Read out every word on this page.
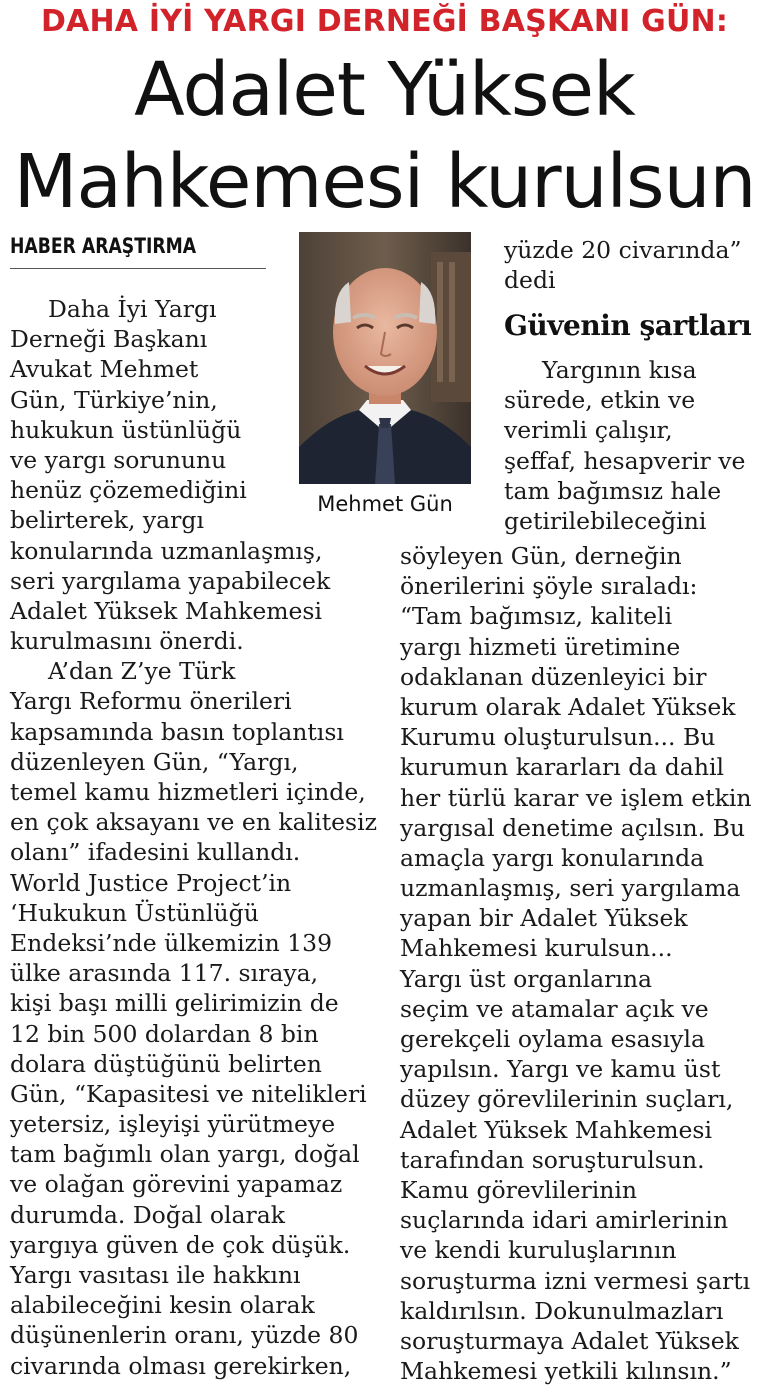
DAHA İYİ YARGI DERNEĞİ BAŞKANI GÜN:
Adalet Yüksek
Mahkemesi kurulsun
HABER ARAŞTIRMA
Mehmet Gün
Daha İyi Yargı
Derneği Başkanı
Avukat Mehmet
Gün, Türkiye’nin,
hukukun üstünlüğü
ve yargı sorununu
henüz çözemediğini
belirterek, yargı
konularında uzmanlaşmış,
seri yargılama yapabilecek
Adalet Yüksek Mahkemesi
kurulmasını önerdi.
A’dan Z’ye Türk
Yargı Reformu önerileri
kapsamında basın toplantısı
düzenleyen Gün, “Yargı,
temel kamu hizmetleri içinde,
en çok aksayanı ve en kalitesiz
olanı” ifadesini kullandı.
World Justice Project’in
‘Hukukun Üstünlüğü
Endeksi’nde ülkemizin 139
ülke arasında 117. sıraya,
kişi başı milli gelirimizin de
12 bin 500 dolardan 8 bin
dolara düştüğünü belirten
Gün, “Kapasitesi ve nitelikleri
yetersiz, işleyişi yürütmeye
tam bağımlı olan yargı, doğal
ve olağan görevini yapamaz
durumda. Doğal olarak
yargıya güven de çok düşük.
Yargı vasıtası ile hakkını
alabileceğini kesin olarak
düşünenlerin oranı, yüzde 80
civarında olması gerekirken,
yüzde 20 civarında”
dedi
Güvenin şartları
Yargının kısa
sürede, etkin ve
verimli çalışır,
şeffaf, hesapverir ve
tam bağımsız hale
getirilebileceğini
söyleyen Gün, derneğin
önerilerini şöyle sıraladı:
“Tam bağımsız, kaliteli
yargı hizmeti üretimine
odaklanan düzenleyici bir
kurum olarak Adalet Yüksek
Kurumu oluşturulsun... Bu
kurumun kararları da dahil
her türlü karar ve işlem etkin
yargısal denetime açılsın. Bu
amaçla yargı konularında
uzmanlaşmış, seri yargılama
yapan bir Adalet Yüksek
Mahkemesi kurulsun...
Yargı üst organlarına
seçim ve atamalar açık ve
gerekçeli oylama esasıyla
yapılsın. Yargı ve kamu üst
düzey görevlilerinin suçları,
Adalet Yüksek Mahkemesi
tarafından soruşturulsun.
Kamu görevlilerinin
suçlarında idari amirlerinin
ve kendi kuruluşlarının
soruşturma izni vermesi şartı
kaldırılsın. Dokunulmazları
soruşturmaya Adalet Yüksek
Mahkemesi yetkili kılınsın.”
